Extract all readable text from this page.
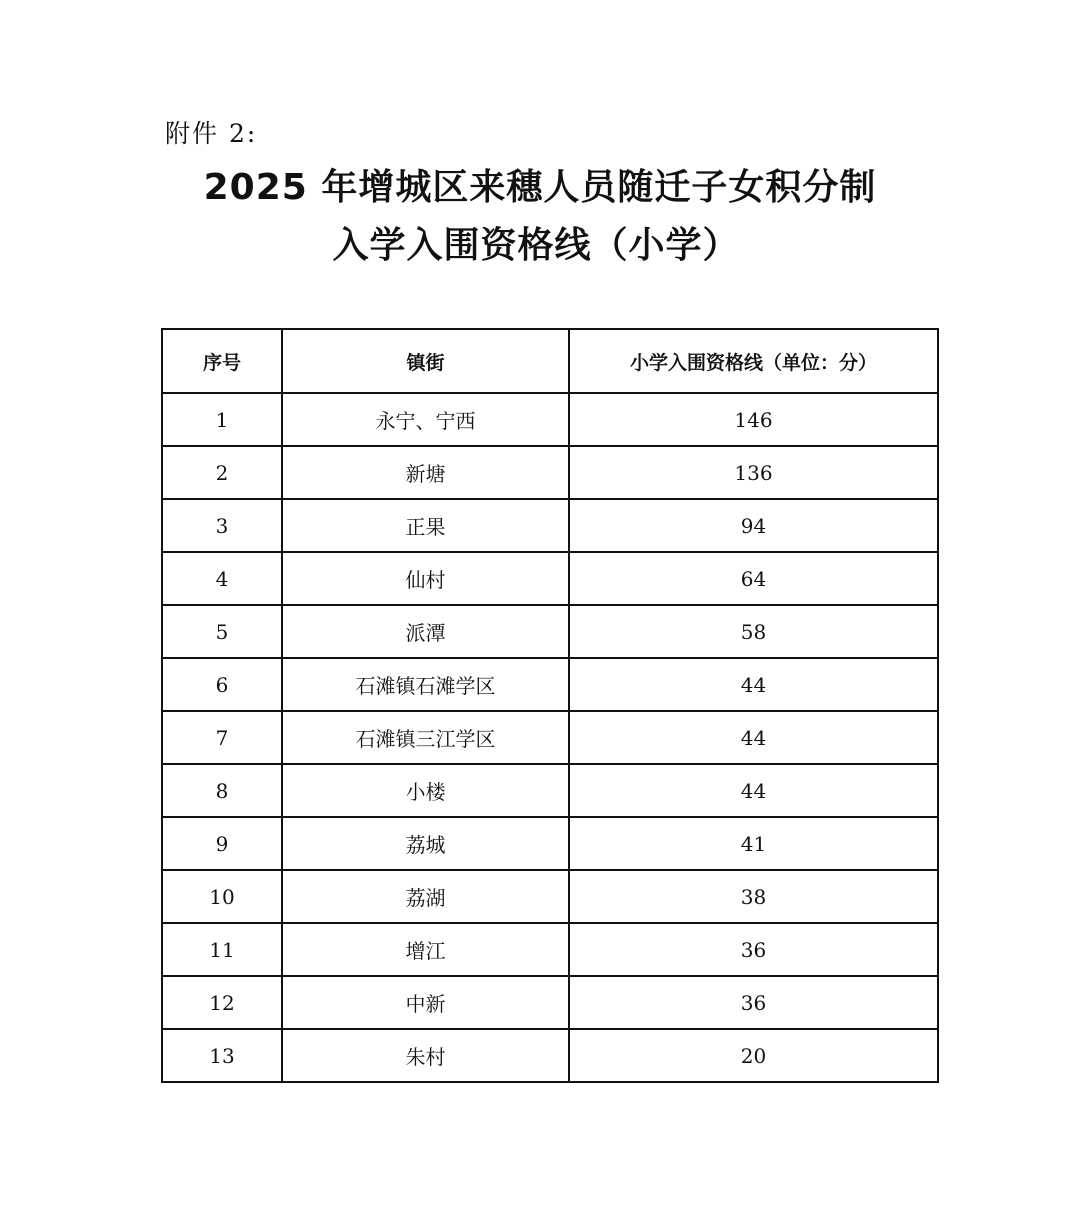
附件 2:
2025 年增城区来穗人员随迁子女积分制
入学入围资格线（小学）
序号	镇街	小学入围资格线（单位：分）
1	永宁、宁西	146
2	新塘	136
3	正果	94
4	仙村	64
5	派潭	58
6	石滩镇石滩学区	44
7	石滩镇三江学区	44
8	小楼	44
9	荔城	41
10	荔湖	38
11	增江	36
12	中新	36
13	朱村	20
